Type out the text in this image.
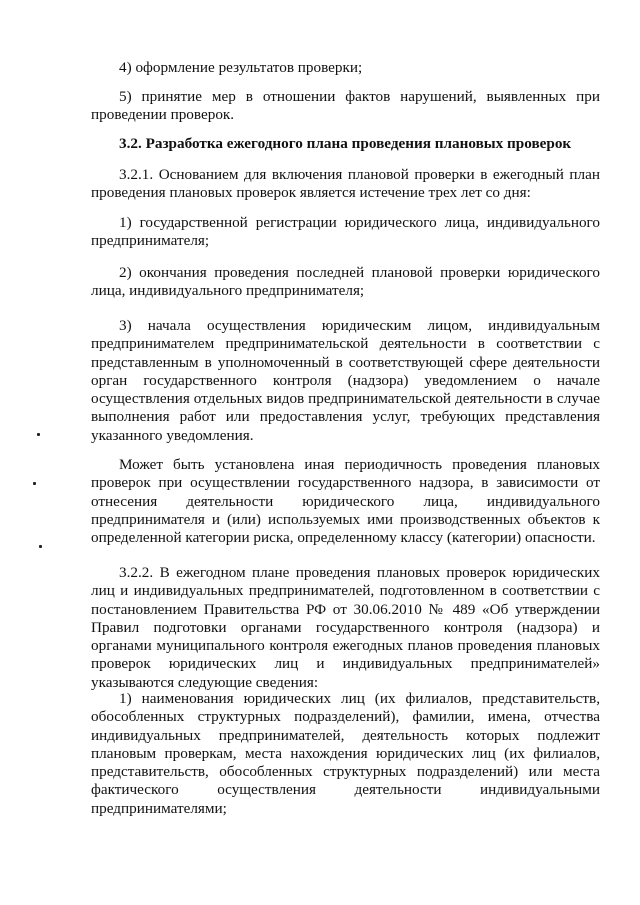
4) оформление результатов проверки;

5) принятие мер в отношении фактов нарушений, выявленных при проведении проверок.

3.2. Разработка ежегодного плана проведения плановых проверок

3.2.1. Основанием для включения плановой проверки в ежегодный план проведения плановых проверок является истечение трех лет со дня:

1) государственной регистрации юридического лица, индивидуального предпринимателя;

2) окончания проведения последней плановой проверки юридического лица, индивидуального предпринимателя;

3) начала осуществления юридическим лицом, индивидуальным предпринимателем предпринимательской деятельности в соответствии с представленным в уполномоченный в соответствующей сфере деятельности орган государственного контроля (надзора) уведомлением о начале осуществления отдельных видов предпринимательской деятельности в случае выполнения работ или предоставления услуг, требующих представления указанного уведомления.

Может быть установлена иная периодичность проведения плановых проверок при осуществлении государственного надзора, в зависимости от отнесения деятельности юридического лица, индивидуального предпринимателя и (или) используемых ими производственных объектов к определенной категории риска, определенному классу (категории) опасности.

3.2.2. В ежегодном плане проведения плановых проверок юридических лиц и индивидуальных предпринимателей, подготовленном в соответствии с постановлением Правительства РФ от 30.06.2010 № 489 «Об утверждении Правил подготовки органами государственного контроля (надзора) и органами муниципального контроля ежегодных планов проведения плановых проверок юридических лиц и индивидуальных предпринимателей» указываются следующие сведения:

1) наименования юридических лиц (их филиалов, представительств, обособленных структурных подразделений), фамилии, имена, отчества индивидуальных предпринимателей, деятельность которых подлежит плановым проверкам, места нахождения юридических лиц (их филиалов, представительств, обособленных структурных подразделений) или места фактического осуществления деятельности индивидуальными предпринимателями;
